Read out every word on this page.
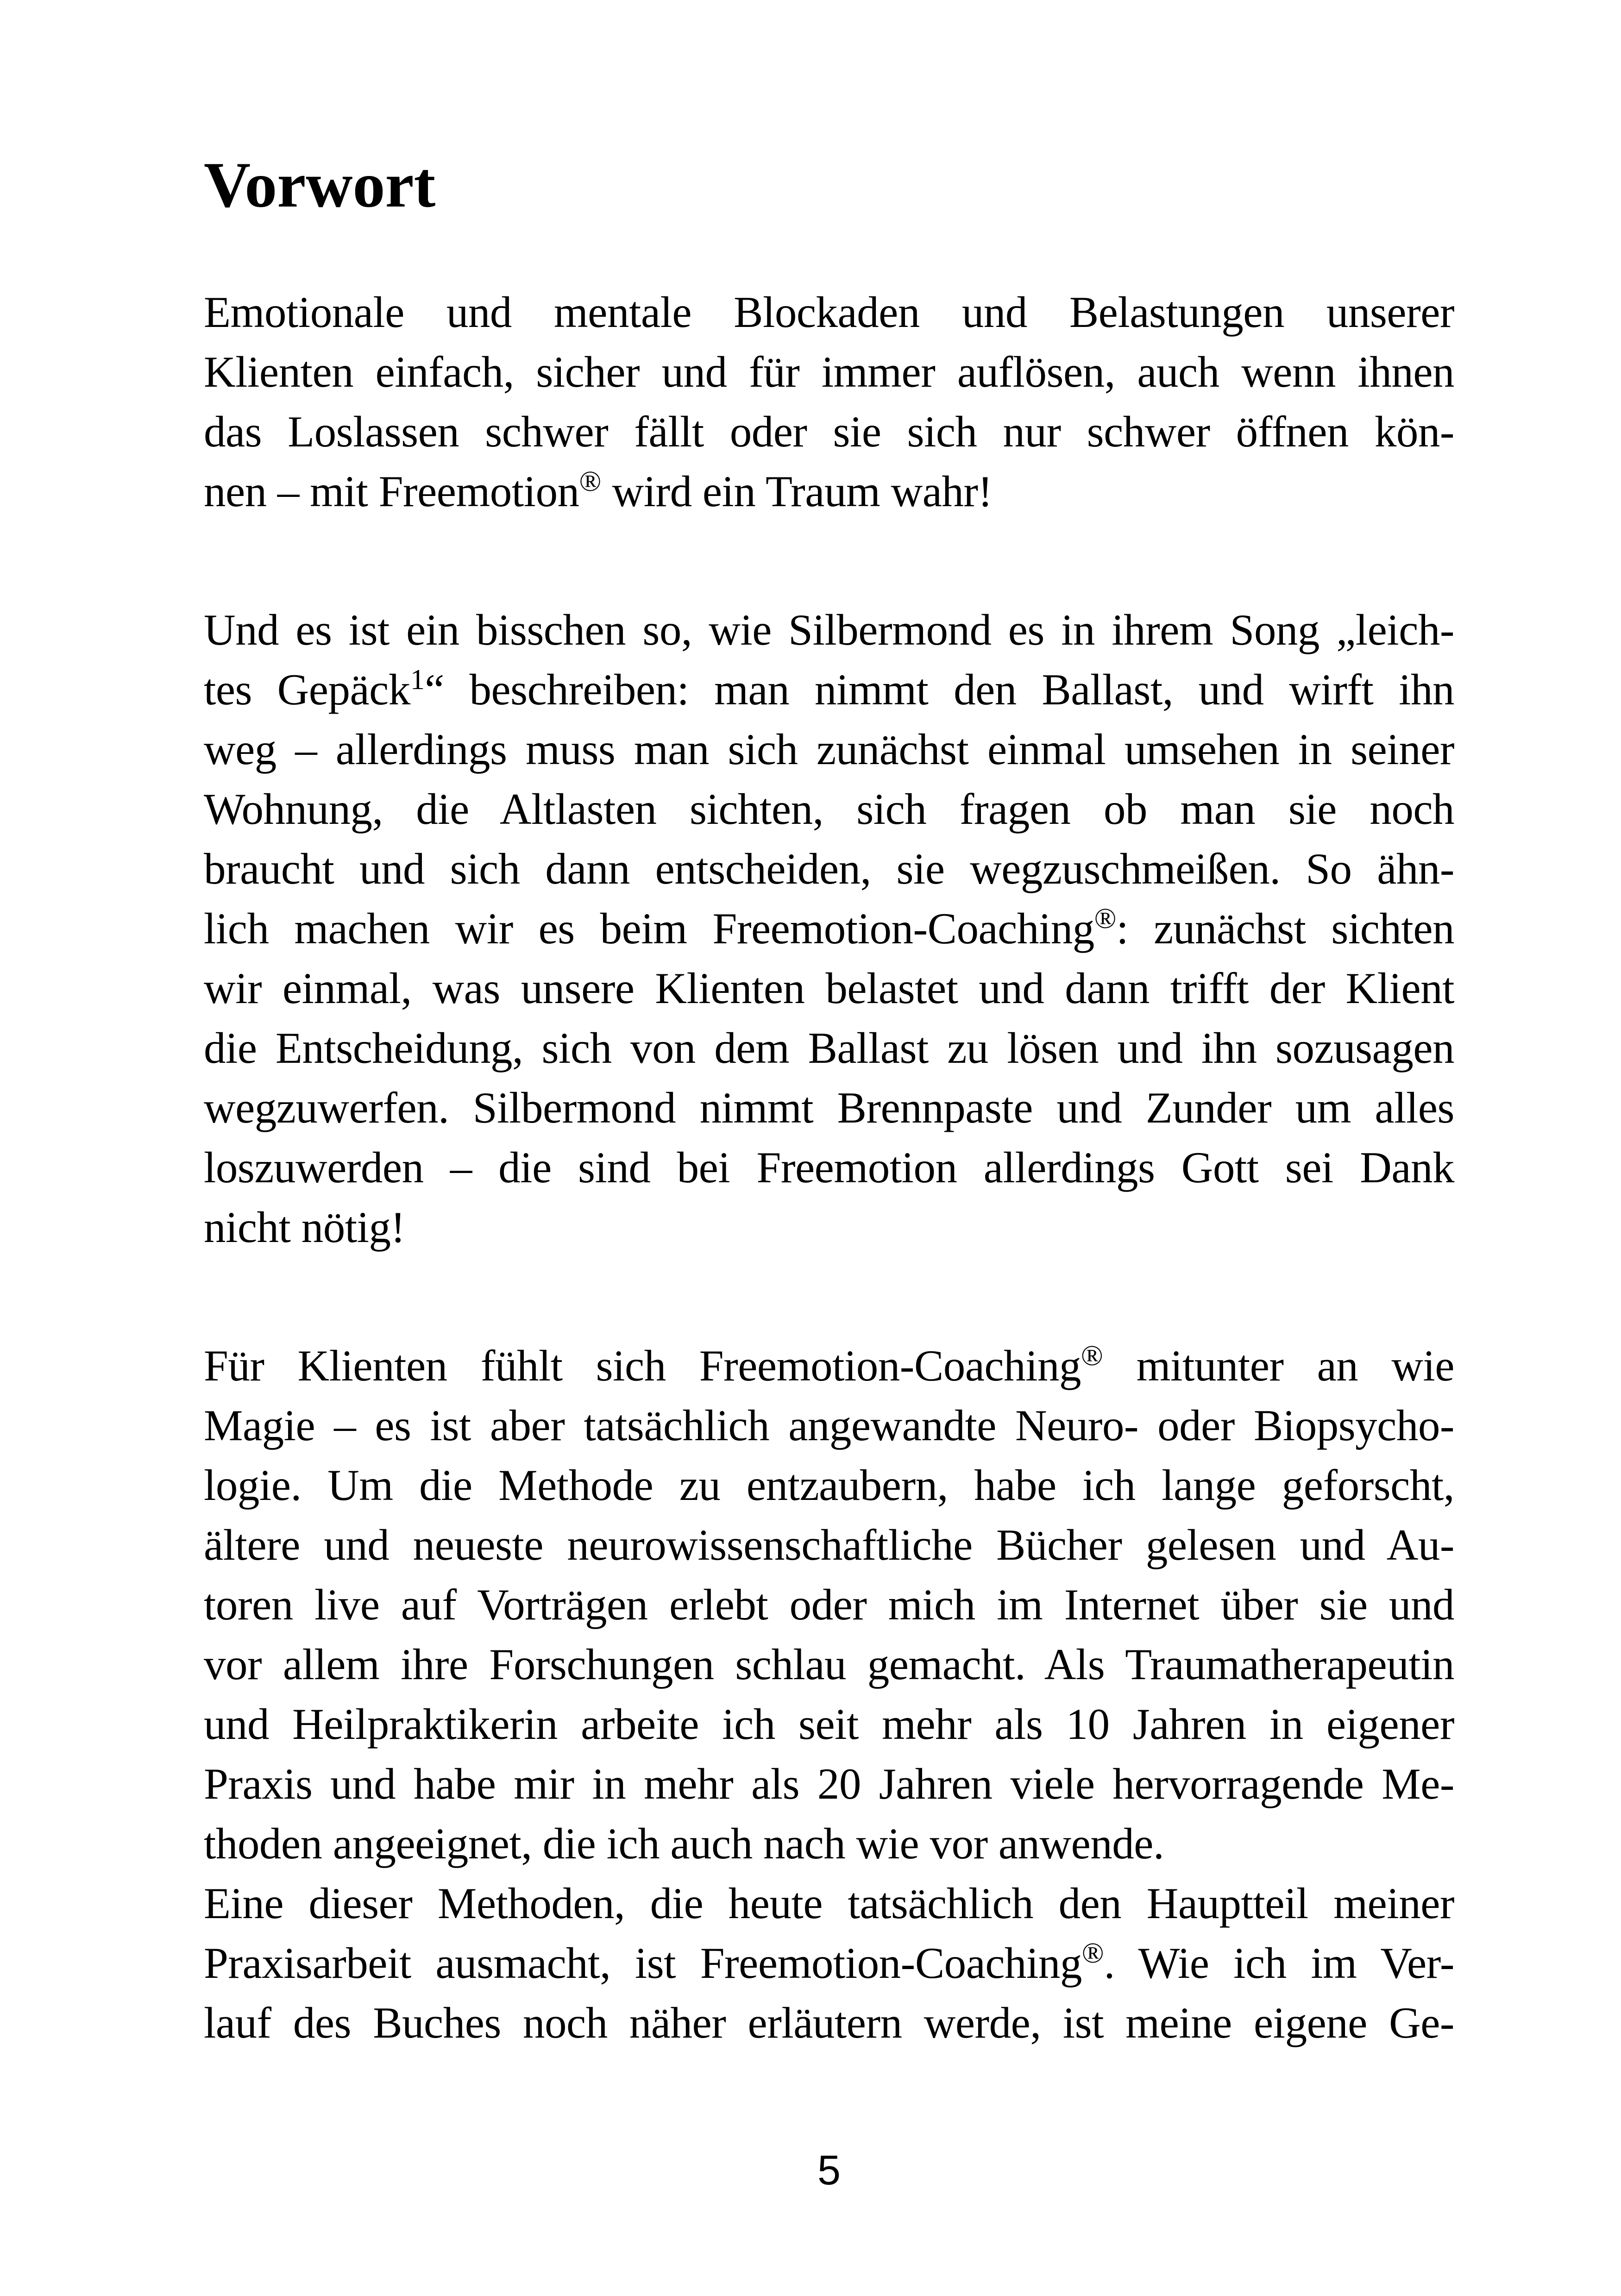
Vorwort
Emotionale und mentale Blockaden und Belastungen unserer
Klienten einfach, sicher und für immer auflösen, auch wenn ihnen
das Loslassen schwer fällt oder sie sich nur schwer öffnen kön-
nen – mit Freemotion® wird ein Traum wahr!
Und es ist ein bisschen so, wie Silbermond es in ihrem Song „leich-
tes Gepäck$^1$“ beschreiben: man nimmt den Ballast, und wirft ihn
weg – allerdings muss man sich zunächst einmal umsehen in seiner
Wohnung, die Altlasten sichten, sich fragen ob man sie noch
braucht und sich dann entscheiden, sie wegzuschmeißen. So ähn-
lich machen wir es beim Freemotion-Coaching®: zunächst sichten
wir einmal, was unsere Klienten belastet und dann trifft der Klient
die Entscheidung, sich von dem Ballast zu lösen und ihn sozusagen
wegzuwerfen. Silbermond nimmt Brennpaste und Zunder um alles
loszuwerden – die sind bei Freemotion allerdings Gott sei Dank
nicht nötig!
Für Klienten fühlt sich Freemotion-Coaching® mitunter an wie
Magie – es ist aber tatsächlich angewandte Neuro- oder Biopsycho-
logie. Um die Methode zu entzaubern, habe ich lange geforscht,
ältere und neueste neurowissenschaftliche Bücher gelesen und Au-
toren live auf Vorträgen erlebt oder mich im Internet über sie und
vor allem ihre Forschungen schlau gemacht. Als Traumatherapeutin
und Heilpraktikerin arbeite ich seit mehr als 10 Jahren in eigener
Praxis und habe mir in mehr als 20 Jahren viele hervorragende Me-
thoden angeeignet, die ich auch nach wie vor anwende.
Eine dieser Methoden, die heute tatsächlich den Hauptteil meiner
Praxisarbeit ausmacht, ist Freemotion-Coaching®. Wie ich im Ver-
lauf des Buches noch näher erläutern werde, ist meine eigene Ge-
5
